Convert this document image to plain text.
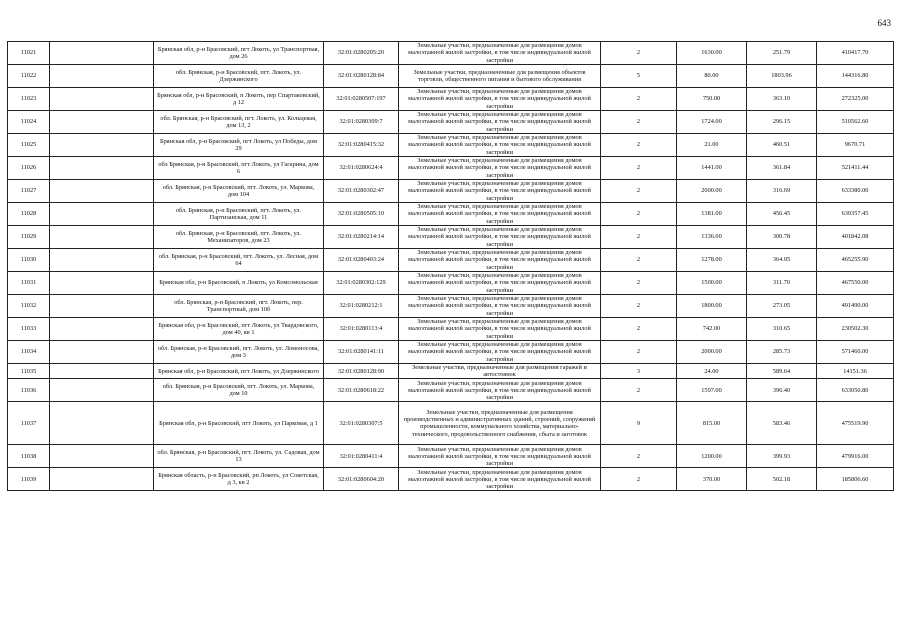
643
11021		Брянская обл, р-н Брасовский, пгт Локоть, ул Транспортная, дом 26	32:01:0280205:20	Земельные участки, предназначенные для размещения домов малоэтажной жилой застройки, в том числе индивидуальной жилой застройки	2	1630.00	251.79	410417.70
11022		обл. Брянская, р-н Брасовский, пгт. Локоть, ул. Дзержинского	32:01:0280128:84	Земельные участки, предназначенные для размещения объектов торговли, общественного питания и бытового обслуживания	5	80.00	1803.96	144316.80
11023		Брянская обл, р-н Брасовский, п Локоть, пер Спартаковский, д 12	32:01:0280507:197	Земельные участки, предназначенные для размещения домов малоэтажной жилой застройки, в том числе индивидуальной жилой застройки	2	750.00	363.10	272325.00
11024		обл. Брянская, р-н Брасовский, пгт. Локоть, ул. Кольцевая, дом 13, 2	32:01:0280309:7	Земельные участки, предназначенные для размещения домов малоэтажной жилой застройки, в том числе индивидуальной жилой застройки	2	1724.00	296.15	510562.60
11025		Брянская обл, р-н Брасовский, пгт Локоть, ул Победы, дом 29	32:01:0280415:32	Земельные участки, предназначенные для размещения домов малоэтажной жилой застройки, в том числе индивидуальной жилой застройки	2	21.00	460.51	9670.71
11026		обл Брянская, р-н Брасовский, пгт Локоть, ул Гагарина, дом 6	32:01:0280624:4	Земельные участки, предназначенные для размещения домов малоэтажной жилой застройки, в том числе индивидуальной жилой застройки	2	1441.00	361.84	521411.44
11027		обл. Брянская, р-н Брасовский, пгт. Локоть, ул. Маркова, дом 104	32:01:0280302:47	Земельные участки, предназначенные для размещения домов малоэтажной жилой застройки, в том числе индивидуальной жилой застройки	2	2000.00	316.69	633380.00
11028		обл. Брянская, р-н Брасовский, пгт. Локоть, ул. Партизанская, дом 11	32:01:0280505:10	Земельные участки, предназначенные для размещения домов малоэтажной жилой застройки, в том числе индивидуальной жилой застройки	2	1381.00	456.45	630357.45
11029		обл. Брянская, р-н Брасовский, пгт. Локоть, ул. Механизаторов, дом 23	32:01:0280214:14	Земельные участки, предназначенные для размещения домов малоэтажной жилой застройки, в том числе индивидуальной жилой застройки	2	1336.00	300.78	401842.08
11030		обл. Брянская, р-н Брасовский, пгт. Локоть, ул. Лесная, дом 64	32:01:0280403:24	Земельные участки, предназначенные для размещения домов малоэтажной жилой застройки, в том числе индивидуальной жилой застройки	2	1278.00	364.05	465255.90
11031		Брянская обл, р-н Брасовский, п Локоть, ул Комсомольская	32:01:0280302:129	Земельные участки, предназначенные для размещения домов малоэтажной жилой застройки, в том числе индивидуальной жилой застройки	2	1500.00	311.70	467550.00
11032		обл. Брянская, р-н Брасовский, пгт. Локоть, пер. Транспортный, дом 10б	32:01:0280212:1	Земельные участки, предназначенные для размещения домов малоэтажной жилой застройки, в том числе индивидуальной жилой застройки	2	1800.00	273.05	491490.00
11033		Брянская обл, р-н Брасовский, пгт Локоть, ул Твардовского, дом 40, кв 1	32:01:0280113:4	Земельные участки, предназначенные для размещения домов малоэтажной жилой застройки, в том числе индивидуальной жилой застройки	2	742.00	310.65	230502.30
11034		обл. Брянская, р-н Брасовский, пгт. Локоть, ул. Ломоносова, дом 3	32:01:0280141:11	Земельные участки, предназначенные для размещения домов малоэтажной жилой застройки, в том числе индивидуальной жилой застройки	2	2000.00	285.73	571460.00
11035		Брянская обл, р-н Брасовский, пгт Локоть, ул Дзержинского	32:01:0280128:90	Земельные участки, предназначенные для размещения гаражей и автостоянок	3	24.00	589.64	14151.36
11036		обл. Брянская, р-н Брасовский, пгт. Локоть, ул. Маркова, дом 10	32:01:0280618:22	Земельные участки, предназначенные для размещения домов малоэтажной жилой застройки, в том числе индивидуальной жилой застройки	2	1597.00	396.40	633050.80
11037		Брянская обл, р-н Брасовский, пгт Локоть, ул Парковая, д 1	32:01:0280307:5	Земельные участки, предназначенные для размещения производственных и административных зданий, строений, сооружений промышленности, коммунального хозяйства, материально-технического, продовольственного снабжения, сбыта и заготовок	9	815.00	583.46	475519.90
11038		обл. Брянская, р-н Брасовский, пгт. Локоть, ул. Садовая, дом 13	32:01:0280411:4	Земельные участки, предназначенные для размещения домов малоэтажной жилой застройки, в том числе индивидуальной жилой застройки	2	1200.00	399.93	479916.00
11039		Брянская область, р-н Брасовский, рп Локоть, ул Советская, д 3, кв 2	32:01:0280604:20	Земельные участки, предназначенные для размещения домов малоэтажной жилой застройки, в том числе индивидуальной жилой застройки	2	370.00	502.18	185806.60
